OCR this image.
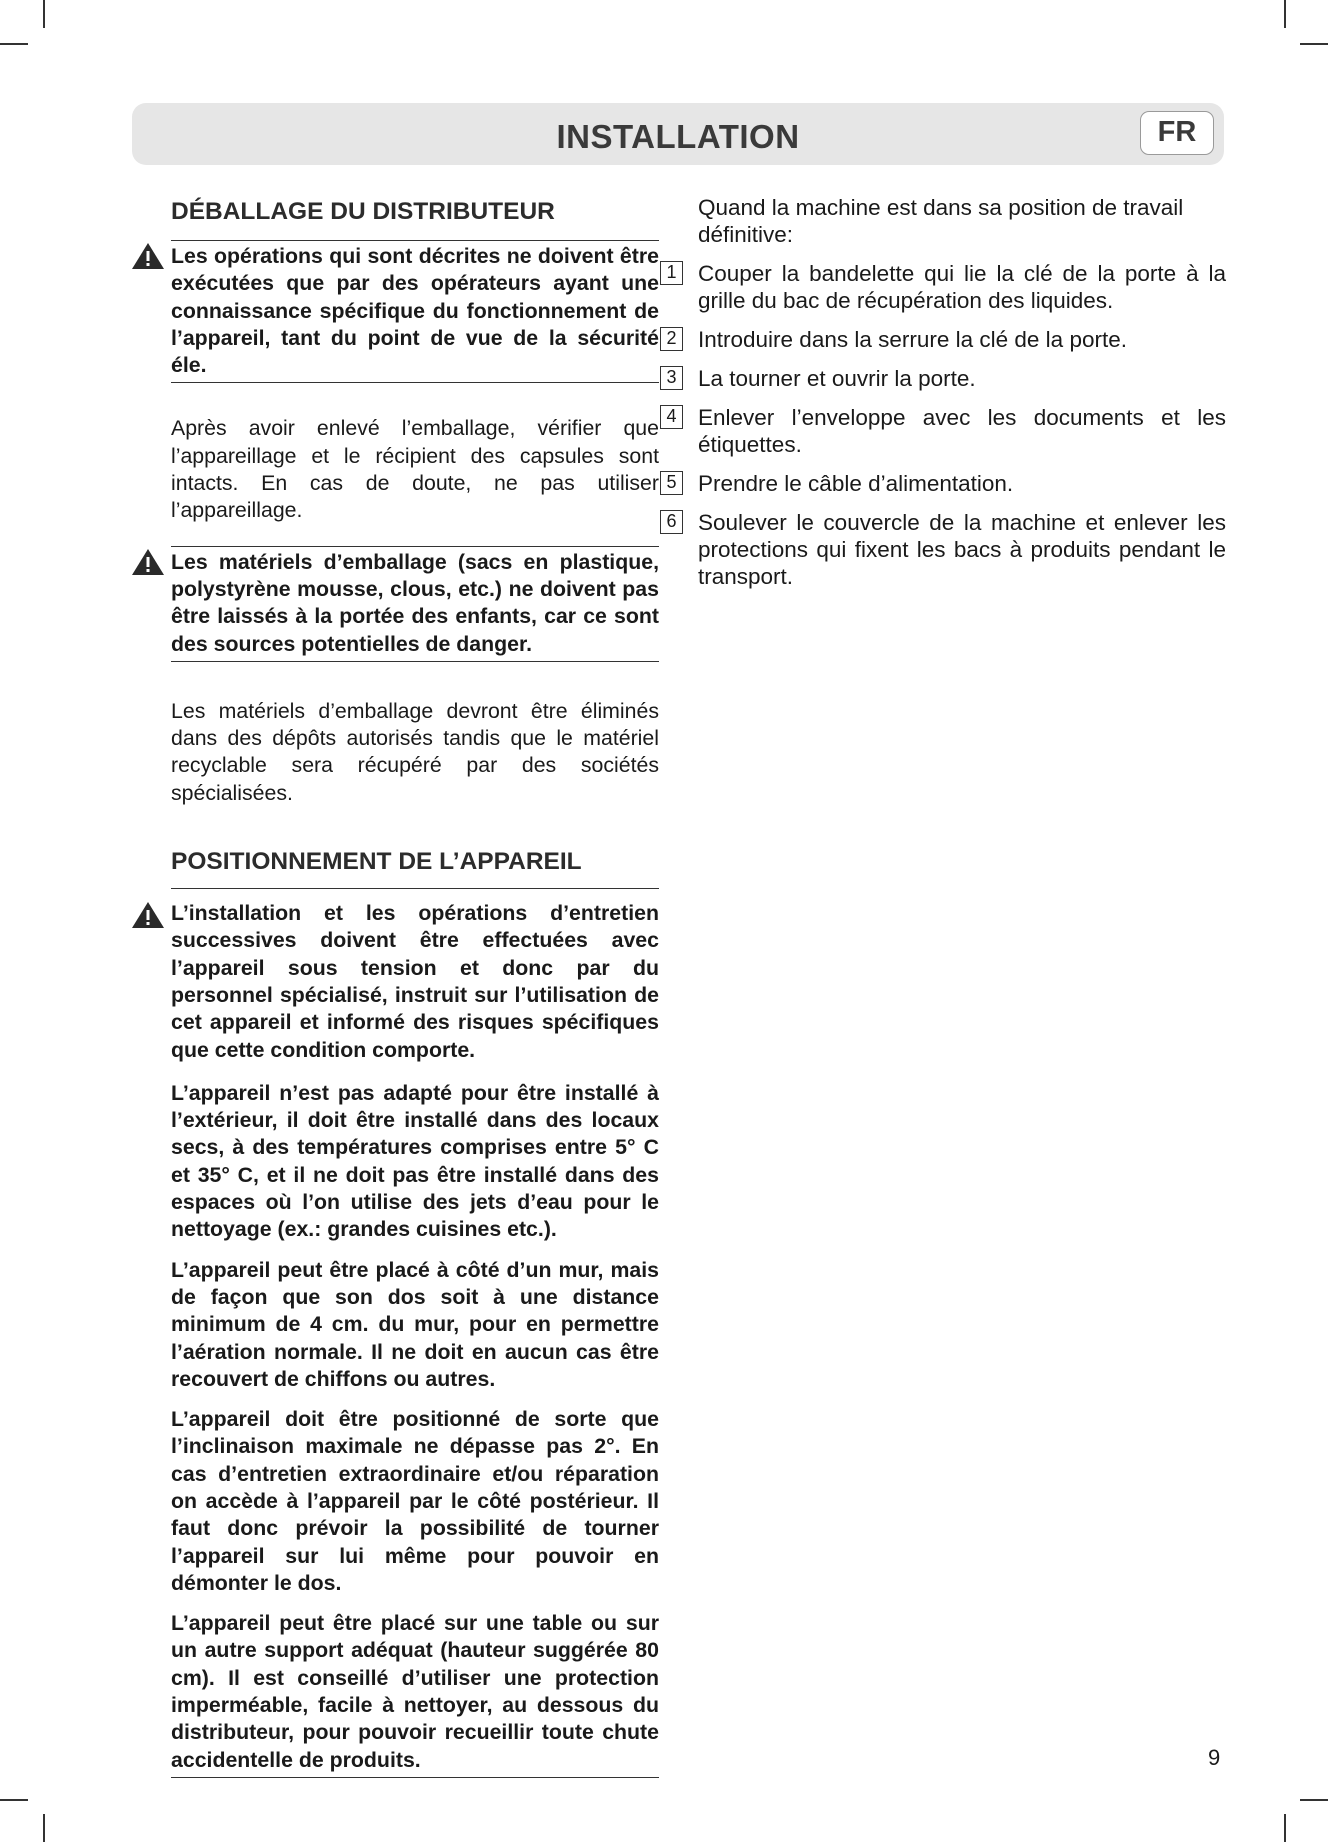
INSTALLATION	FR
DÉBALLAGE DU DISTRIBUTEUR
Les opérations qui sont décrites ne doivent être exécutées que par des opérateurs ayant une connaissance spécifique du fonctionnement de l’appareil, tant du point de vue de la sécurité éle.

Après avoir enlevé l’emballage, vérifier que l’appareillage et le récipient des capsules sont intacts. En cas de doute, ne pas utiliser l’appareillage.

Les matériels d’emballage (sacs en plastique, polystyrène mousse, clous, etc.) ne doivent pas être laissés à la portée des enfants, car ce sont des sources potentielles de danger.

Les matériels d’emballage devront être éliminés dans des dépôts autorisés tandis que le matériel recyclable sera récupéré par des sociétés spécialisées.

POSITIONNEMENT DE L’APPAREIL
L’installation et les opérations d’entretien successives doivent être effectuées avec l’appareil sous tension et donc par du personnel spécialisé, instruit sur l’utilisation de cet appareil et informé des risques spécifiques que cette condition comporte.

L’appareil n’est pas adapté pour être installé à l’extérieur, il doit être installé dans des locaux secs, à des températures comprises entre 5° C et 35° C, et il ne doit pas être installé dans des espaces où l’on utilise des jets d’eau pour le nettoyage (ex.: grandes cuisines etc.).

L’appareil peut être placé à côté d’un mur, mais de façon que son dos soit à une distance minimum de 4 cm. du mur, pour en permettre l’aération normale. Il ne doit en aucun cas être recouvert de chiffons ou autres.

L’appareil doit être positionné de sorte que l’inclinaison maximale ne dépasse pas 2°. En cas d’entretien extraordinaire et/ou réparation on accède à l’appareil par le côté postérieur. Il faut donc prévoir la possibilité de tourner l’appareil sur lui même pour pouvoir en démonter le dos.

L’appareil peut être placé sur une table ou sur un autre support adéquat (hauteur suggérée 80 cm). Il est conseillé d’utiliser une protection imperméable, facile à nettoyer, au dessous du distributeur, pour pouvoir recueillir toute chute accidentelle de produits.

Quand la machine est dans sa position de travail définitive:

1 Couper la bandelette qui lie la clé de la porte à la grille du bac de récupération des liquides.
2 Introduire dans la serrure la clé de la porte.
3 La tourner et ouvrir la porte.
4 Enlever l’enveloppe avec les documents et les étiquettes.
5 Prendre le câble d’alimentation.
6 Soulever le couvercle de la machine et enlever les protections qui fixent les bacs à produits pendant le transport.
9
